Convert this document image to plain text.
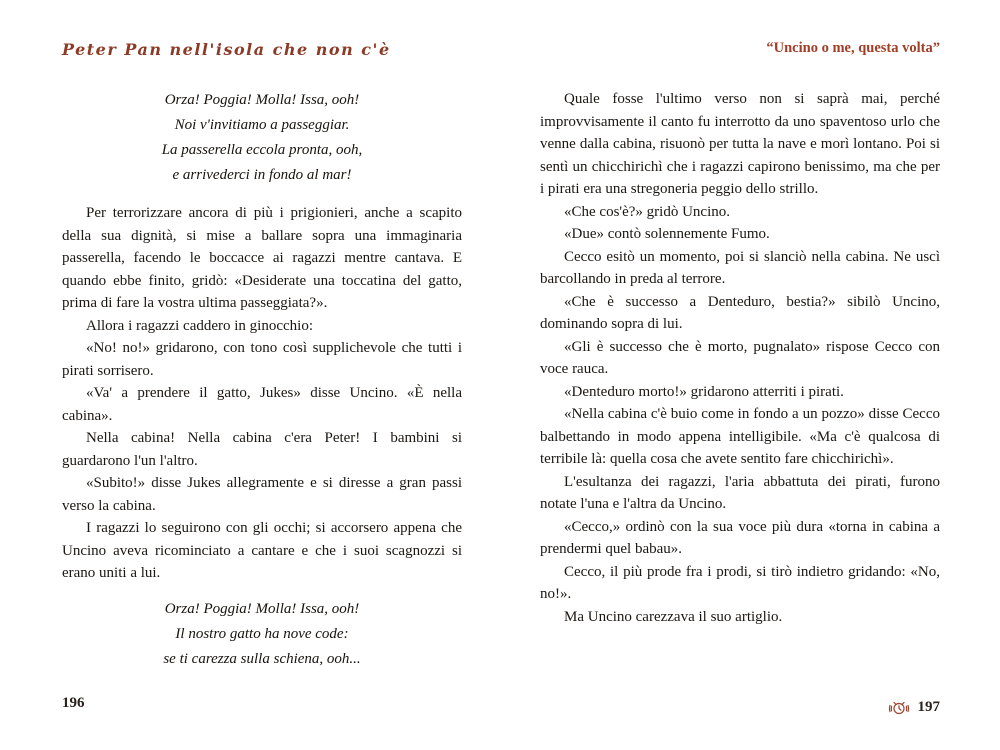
Peter Pan nell'isola che non c'è
Orza! Poggia! Molla! Issa, ooh!
Noi v'invitiamo a passeggiar.
La passerella eccola pronta, ooh,
e arrivederci in fondo al mar!

Per terrorizzare ancora di più i prigionieri, anche a scapito della sua dignità, si mise a ballare sopra una immaginaria passerella, facendo le boccacce ai ragazzi mentre cantava. E quando ebbe finito, gridò: «Desiderate una toccatina del gatto, prima di fare la vostra ultima passeggiata?».

Allora i ragazzi caddero in ginocchio:

«No! no!» gridarono, con tono così supplichevole che tutti i pirati sorrisero.

«Va' a prendere il gatto, Jukes» disse Uncino. «È nella cabina».

Nella cabina! Nella cabina c'era Peter! I bambini si guardarono l'un l'altro.

«Subito!» disse Jukes allegramente e si diresse a gran passi verso la cabina.

I ragazzi lo seguirono con gli occhi; si accorsero appena che Uncino aveva ricominciato a cantare e che i suoi scagnozzi si erano uniti a lui.

Orza! Poggia! Molla! Issa, ooh!
Il nostro gatto ha nove code:
se ti carezza sulla schiena, ooh...
196
“Uncino o me, questa volta”

Quale fosse l'ultimo verso non si saprà mai, perché improvvisamente il canto fu interrotto da uno spaventoso urlo che venne dalla cabina, risuonò per tutta la nave e morì lontano. Poi si sentì un chicchirichì che i ragazzi capirono benissimo, ma che per i pirati era una stregoneria peggio dello strillo.

«Che cos'è?» gridò Uncino.

«Due» contò solennemente Fumo.

Cecco esitò un momento, poi si slanciò nella cabina. Ne uscì barcollando in preda al terrore.

«Che è successo a Denteduro, bestia?» sibilò Uncino, dominando sopra di lui.

«Gli è successo che è morto, pugnalato» rispose Cecco con voce rauca.

«Denteduro morto!» gridarono atterriti i pirati.

«Nella cabina c'è buio come in fondo a un pozzo» disse Cecco balbettando in modo appena intelligibile. «Ma c'è qualcosa di terribile là: quella cosa che avete sentito fare chicchirichì».

L'esultanza dei ragazzi, l'aria abbattuta dei pirati, furono notate l'una e l'altra da Uncino.

«Cecco,» ordinò con la sua voce più dura «torna in cabina a prendermi quel babau».

Cecco, il più prode fra i prodi, si tirò indietro gridando: «No, no!».

Ma Uncino carezzava il suo artiglio.

197
